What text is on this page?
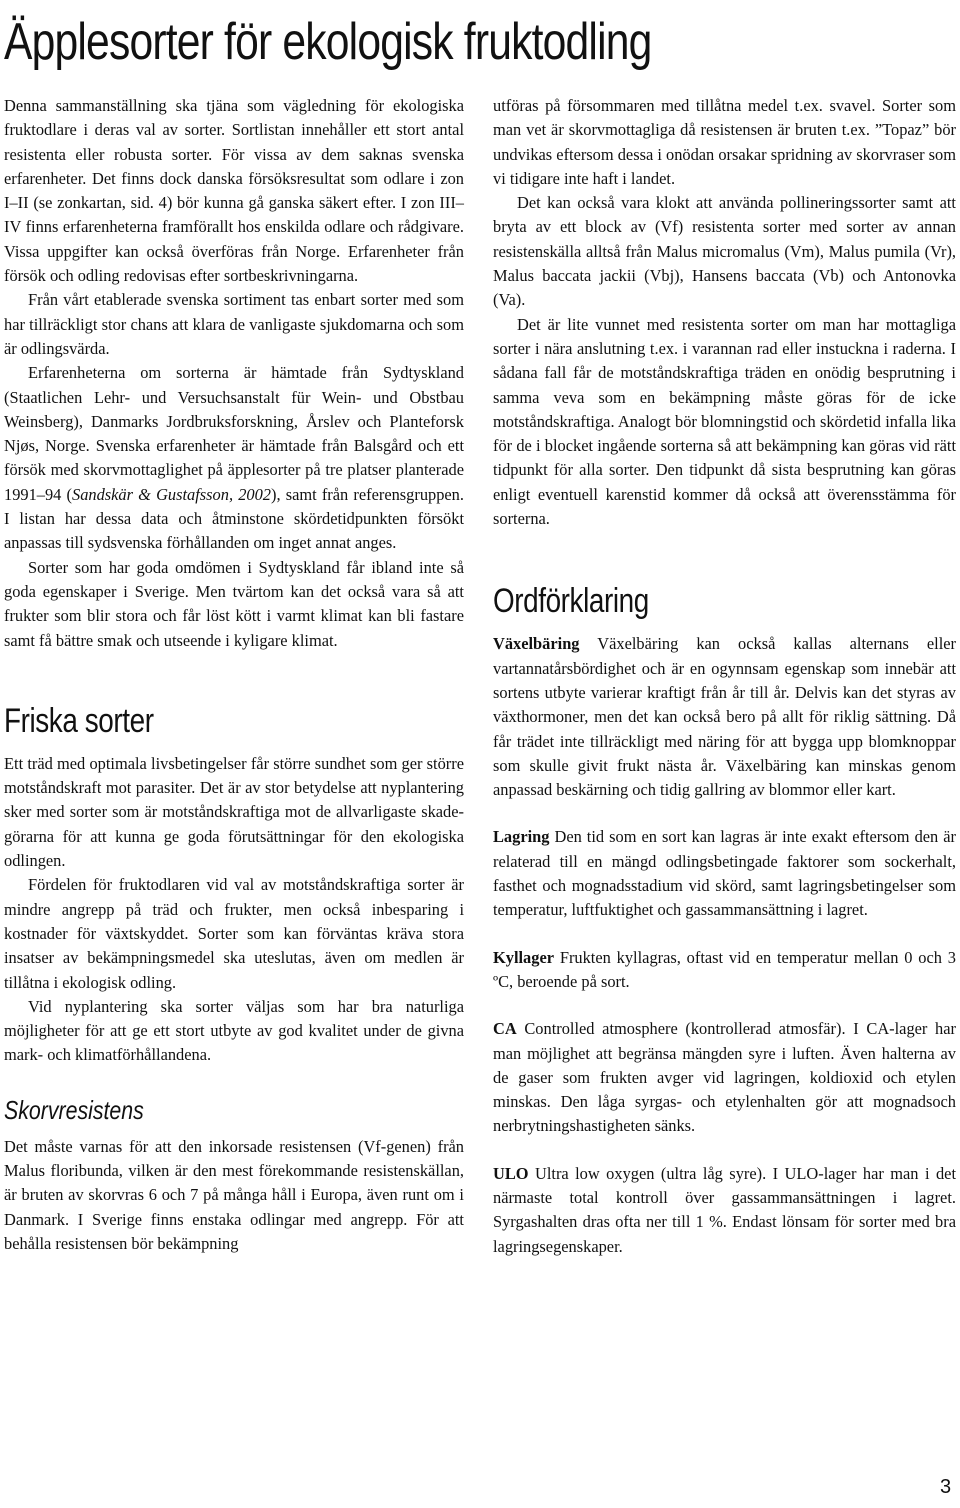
Äpplesorter för ekologisk fruktodling

Denna sammanställning ska tjäna som vägledning för ekologiska fruktodlare i deras val av sorter. Sortlistan innehåller ett stort antal resistenta eller robusta sorter. För vissa av dem saknas svenska erfarenheter. Det finns dock danska försöksresultat som odlare i zon I–II (se zonkartan, sid. 4) bör kunna gå ganska säkert efter. I zon III–IV finns erfarenheterna framförallt hos enskilda odlare och rådgivare. Vissa uppgifter kan också överföras från Norge. Erfarenheter från försök och odling redovisas efter sortbeskrivningarna.

Från vårt etablerade svenska sortiment tas enbart sorter med som har tillräckligt stor chans att klara de vanligaste sjukdomarna och som är odlingsvärda.

Erfarenheterna om sorterna är hämtade från Sydtyskland (Staatlichen Lehr- und Versuchsanstalt für Wein- und Obstbau Weinsberg), Danmarks Jordbruksforskning, Årslev och Planteforsk Njøs, Norge. Svenska erfarenheter är hämtade från Balsgård och ett försök med skorvmottaglighet på äpplesorter på tre platser planterade 1991–94 (Sandskär & Gustafsson, 2002), samt från referensgruppen. I listan har dessa data och åtminstone skördetidpunkten försökt anpassas till sydsvenska förhållanden om inget annat anges.

Sorter som har goda omdömen i Sydtyskland får ibland inte så goda egenskaper i Sverige. Men tvärtom kan det också vara så att frukter som blir stora och får löst kött i varmt klimat kan bli fastare samt få bättre smak och utseende i kyligare klimat.

Friska sorter

Ett träd med optimala livsbetingelser får större sundhet som ger större motståndskraft mot parasiter. Det är av stor betydelse att nyplantering sker med sorter som är motståndskraftiga mot de allvarligaste skadegörarna för att kunna ge goda förutsättningar för den ekologiska odlingen.

Fördelen för fruktodlaren vid val av motståndskraftiga sorter är mindre angrepp på träd och frukter, men också inbesparing i kostnader för växtskyddet. Sorter som kan förväntas kräva stora insatser av bekämpningsmedel ska uteslutas, även om medlen är tillåtna i ekologisk odling.

Vid nyplantering ska sorter väljas som har bra naturliga möjligheter för att ge ett stort utbyte av god kvalitet under de givna mark- och klimatförhållandena.

Skorvresistens

Det måste varnas för att den inkorsade resistensen (Vf-genen) från Malus floribunda, vilken är den mest förekommande resistenskällan, är bruten av skorvras 6 och 7 på många håll i Europa, även runt om i Danmark. I Sverige finns enstaka odlingar med angrepp. För att behålla resistensen bör bekämpning

utföras på försommaren med tillåtna medel t.ex. svavel. Sorter som man vet är skorvmottagliga då resistensen är bruten t.ex. ”Topaz” bör undvikas eftersom dessa i onödan orsakar spridning av skorvraser som vi tidigare inte haft i landet.

Det kan också vara klokt att använda pollineringssorter samt att bryta av ett block av (Vf) resistenta sorter med sorter av annan resistenskälla alltså från Malus micromalus (Vm), Malus pumila (Vr), Malus baccata jackii (Vbj), Hansens baccata (Vb) och Antonovka (Va).

Det är lite vunnet med resistenta sorter om man har mottagliga sorter i nära anslutning t.ex. i varannan rad eller instuckna i raderna. I sådana fall får de motståndskraftiga träden en onödig besprutning i samma veva som en bekämpning måste göras för de icke motståndskraftiga. Analogt bör blomningstid och skördetid infalla lika för de i blocket ingående sorterna så att bekämpning kan göras vid rätt tidpunkt för alla sorter. Den tidpunkt då sista besprutning kan göras enligt eventuell karenstid kommer då också att överensstämma för sorterna.

Ordförklaring

Växelbäring Växelbäring kan också kallas alternans eller vartannatårsbördighet och är en ogynnsam egenskap som innebär att sortens utbyte varierar kraftigt från år till år. Delvis kan det styras av växthormoner, men det kan också bero på allt för riklig sättning. Då får trädet inte tillräckligt med näring för att bygga upp blomknoppar som skulle givit frukt nästa år. Växelbäring kan minskas genom anpassad beskärning och tidig gallring av blommor eller kart.

Lagring Den tid som en sort kan lagras är inte exakt eftersom den är relaterad till en mängd odlingsbetingade faktorer som sockerhalt, fasthet och mognadsstadium vid skörd, samt lagringsbetingelser som temperatur, luftfuktighet och gassammansättning i lagret.

Kyllager Frukten kyllagras, oftast vid en temperatur mellan 0 och 3 ºC, beroende på sort.

CA Controlled atmosphere (kontrollerad atmosfär). I CA-lager har man möjlighet att begränsa mängden syre i luften. Även halterna av de gaser som frukten avger vid lagringen, koldioxid och etylen minskas. Den låga syrgas- och etylenhalten gör att mognadsoch nerbrytningshastigheten sänks.

ULO Ultra low oxygen (ultra låg syre). I ULO-lager har man i det närmaste total kontroll över gassammansättningen i lagret. Syrgashalten dras ofta ner till 1 %. Endast lönsam för sorter med bra lagringsegenskaper.

3
